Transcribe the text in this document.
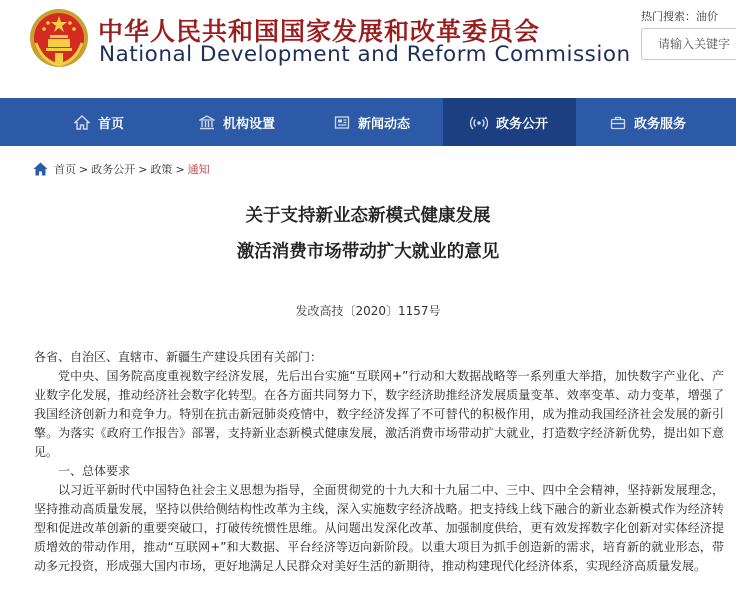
中华人民共和国国家发展和改革委员会
National Development and Reform Commission
热门搜索：油价
请输入关键字
首页	机构设置	新闻动态	政务公开	政务服务
首页 > 政务公开 > 政策 > 通知
关于支持新业态新模式健康发展
激活消费市场带动扩大就业的意见
发改高技〔2020〕1157号

各省、自治区、直辖市、新疆生产建设兵团有关部门：

党中央、国务院高度重视数字经济发展，先后出台实施“互联网+”行动和大数据战略等一系列重大举措，加快数字产业化、产业数字化发展，推动经济社会数字化转型。在各方面共同努力下，数字经济助推经济发展质量变革、效率变革、动力变革，增强了我国经济创新力和竞争力。特别在抗击新冠肺炎疫情中，数字经济发挥了不可替代的积极作用，成为推动我国经济社会发展的新引擎。为落实《政府工作报告》部署，支持新业态新模式健康发展，激活消费市场带动扩大就业，打造数字经济新优势，提出如下意见。

一、总体要求

以习近平新时代中国特色社会主义思想为指导，全面贯彻党的十九大和十九届二中、三中、四中全会精神，坚持新发展理念，坚持推动高质量发展，坚持以供给侧结构性改革为主线，深入实施数字经济战略。把支持线上线下融合的新业态新模式作为经济转型和促进改革创新的重要突破口，打破传统惯性思维。从问题出发深化改革、加强制度供给，更有效发挥数字化创新对实体经济提质增效的带动作用，推动“互联网+”和大数据、平台经济等迈向新阶段。以重大项目为抓手创造新的需求，培育新的就业形态，带动多元投资，形成强大国内市场，更好地满足人民群众对美好生活的新期待，推动构建现代化经济体系，实现经济高质量发展。
